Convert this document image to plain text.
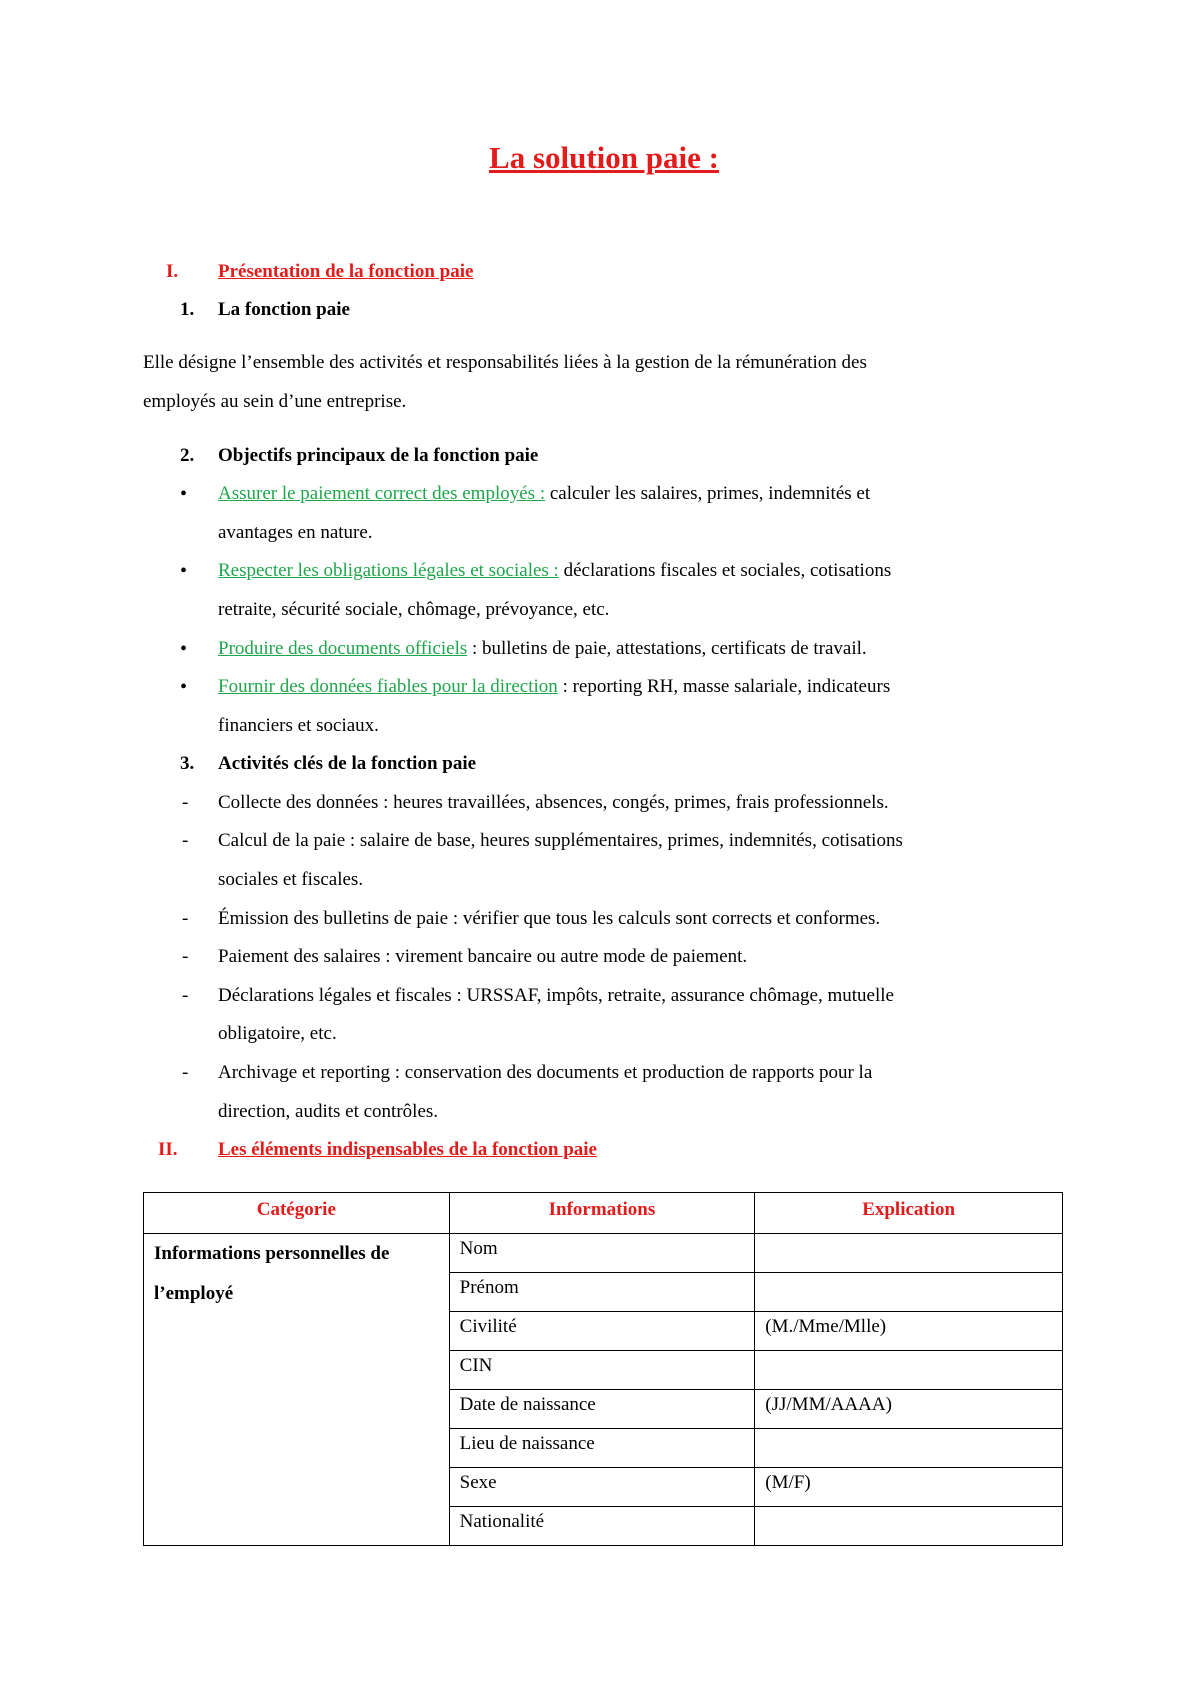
La solution paie :
I. Présentation de la fonction paie
1. La fonction paie
Elle désigne l’ensemble des activités et responsabilités liées à la gestion de la rémunération des
employés au sein d’une entreprise.
2. Objectifs principaux de la fonction paie
• Assurer le paiement correct des employés : calculer les salaires, primes, indemnités et
avantages en nature.
• Respecter les obligations légales et sociales : déclarations fiscales et sociales, cotisations
retraite, sécurité sociale, chômage, prévoyance, etc.
• Produire des documents officiels : bulletins de paie, attestations, certificats de travail.
• Fournir des données fiables pour la direction : reporting RH, masse salariale, indicateurs
financiers et sociaux.
3. Activités clés de la fonction paie
- Collecte des données : heures travaillées, absences, congés, primes, frais professionnels.
- Calcul de la paie : salaire de base, heures supplémentaires, primes, indemnités, cotisations
sociales et fiscales.
- Émission des bulletins de paie : vérifier que tous les calculs sont corrects et conformes.
- Paiement des salaires : virement bancaire ou autre mode de paiement.
- Déclarations légales et fiscales : URSSAF, impôts, retraite, assurance chômage, mutuelle
obligatoire, etc.
- Archivage et reporting : conservation des documents et production de rapports pour la
direction, audits et contrôles.
II. Les éléments indispensables de la fonction paie
Catégorie	Informations	Explication
Informations personnelles de l’employé	Nom	
	Prénom	
	Civilité	(M./Mme/Mlle)
	CIN	
	Date de naissance	(JJ/MM/AAAA)
	Lieu de naissance	
	Sexe	(M/F)
	Nationalité	
